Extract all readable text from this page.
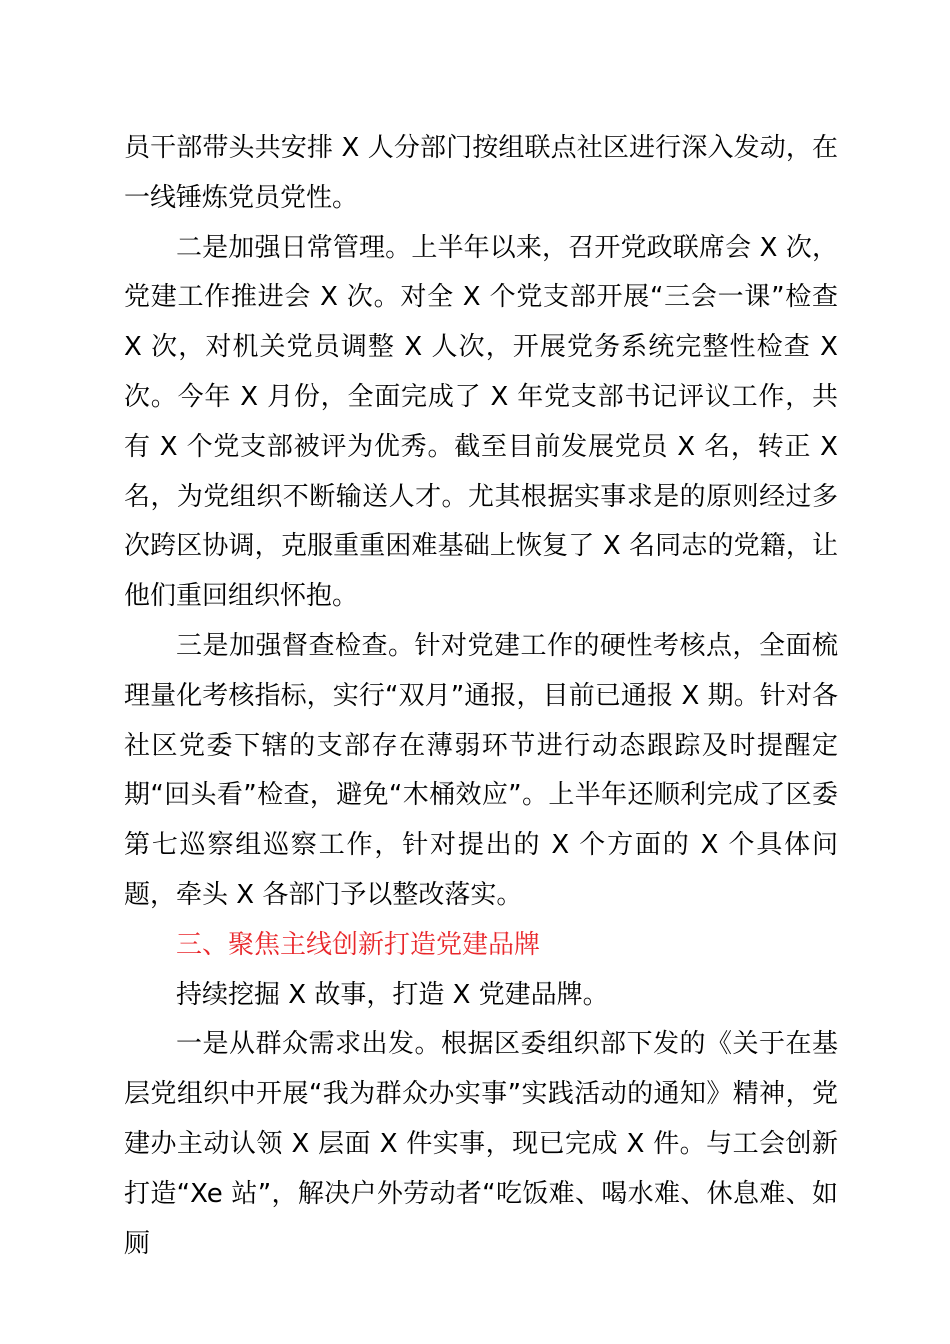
员干部带头共安排 X 人分部门按组联点社区进行深入发动，在一线锤炼党员党性。

二是加强日常管理。上半年以来，召开党政联席会 X 次，党建工作推进会 X 次。对全 X 个党支部开展“三会一课”检查 X 次，对机关党员调整 X 人次，开展党务系统完整性检查 X 次。今年 X 月份，全面完成了 X 年党支部书记评议工作，共有 X 个党支部被评为优秀。截至目前发展党员 X 名，转正 X 名，为党组织不断输送人才。尤其根据实事求是的原则经过多次跨区协调，克服重重困难基础上恢复了 X 名同志的党籍，让他们重回组织怀抱。

三是加强督查检查。针对党建工作的硬性考核点，全面梳理量化考核指标，实行“双月”通报，目前已通报 X 期。针对各社区党委下辖的支部存在薄弱环节进行动态跟踪及时提醒定期“回头看”检查，避免“木桶效应”。上半年还顺利完成了区委第七巡察组巡察工作，针对提出的 X 个方面的 X 个具体问题，牵头 X 各部门予以整改落实。

三、聚焦主线创新打造党建品牌

持续挖掘 X 故事，打造 X 党建品牌。

一是从群众需求出发。根据区委组织部下发的《关于在基层党组织中开展“我为群众办实事”实践活动的通知》精神，党建办主动认领 X 层面 X 件实事，现已完成 X 件。与工会创新打造“Xe 站”，解决户外劳动者“吃饭难、喝水难、休息难、如厕
